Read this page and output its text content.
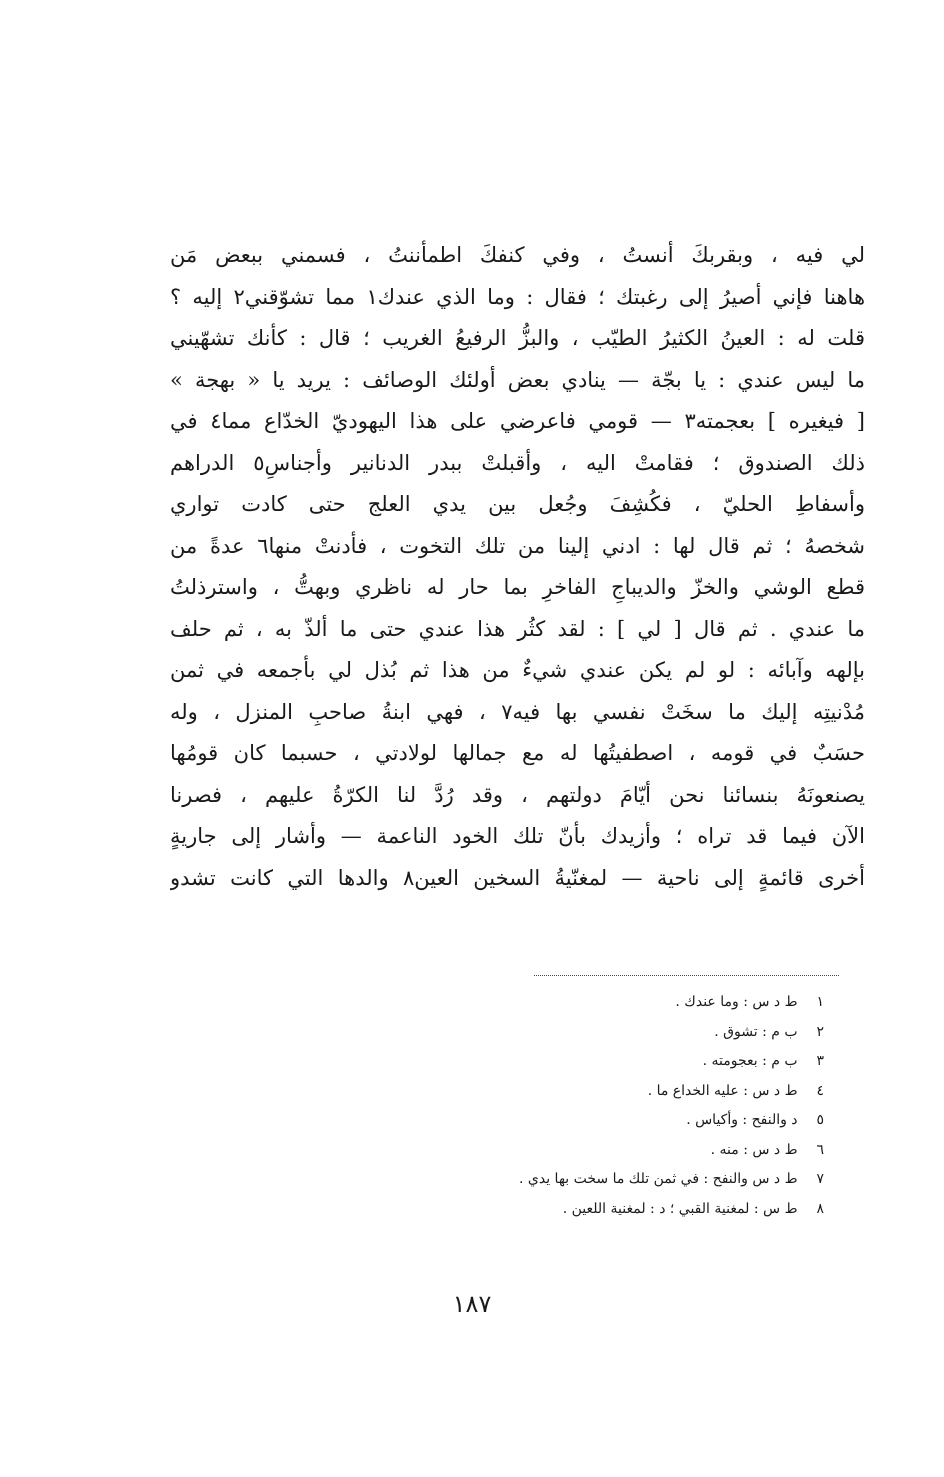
لي فيه ، وبقربكَ أنستُ ، وفي كنفكَ اطمأننتُ ، فسمني ببعض مَن
هاهنا فإني أصيرُ إلى رغبتك ؛ فقال : وما الذي عندك١ مما تشوّقني٢ إليه ؟
قلت له : العينُ الكثيرُ الطيّب ، والبزُّ الرفيعُ الغريب ؛ قال : كأنك تشهّيني
ما ليس عندي : يا بجّة — ينادي بعض أولئك الوصائف : يريد يا « بهجة »
[ فيغيره ] بعجمته٣ — قومي فاعرضي على هذا اليهوديّ الخدّاع مما٤ في
ذلك الصندوق ؛ فقامتْ اليه ، وأقبلتْ ببدر الدنانير وأجناسِ٥ الدراهم
وأسفاطِ الحليّ ، فكُشِفَ وجُعل بين يدي العلج حتى كادت تواري
شخصهُ ؛ ثم قال لها : ادني إلينا من تلك التخوت ، فأدنتْ منها٦ عدةً من
قطع الوشي والخزّ والديباجِ الفاخرِ بما حار له ناظري وبهتُّ ، واسترذلتُ
ما عندي . ثم قال [ لي ] : لقد كثُر هذا عندي حتى ما ألذّ به ، ثم حلف
بإلهه وآبائه : لو لم يكن عندي شيءٌ من هذا ثم بُذل لي بأجمعه في ثمن
مُدْنيتِه إليك ما سخَتْ نفسي بها فيه٧ ، فهي ابنةُ صاحبِ المنزل ، وله
حسَبٌ في قومه ، اصطفيتُها له مع جمالها لولادتي ، حسبما كان قومُها
يصنعونَهُ بنسائنا نحن أيّامَ دولتهم ، وقد رُدَّ لنا الكرّةُ عليهم ، فصرنا
الآن فيما قد تراه ؛ وأزيدك بأنّ تلك الخود الناعمة — وأشار إلى جاريةٍ
أخرى قائمةٍ إلى ناحية — لمغنّيةُ السخين العين٨ والدها التي كانت تشدو
١ ط د س : وما عندك .
٢ ب م : تشوق .
٣ ب م : بعجومته .
٤ ط د س : عليه الخداع ما .
٥ د والنفح : وأكياس .
٦ ط د س : منه .
٧ ط د س والنفح : في ثمن تلك ما سخت بها يدي .
٨ ط س : لمغنية القبي ؛ د : لمغنية اللعين .
١٨٧
